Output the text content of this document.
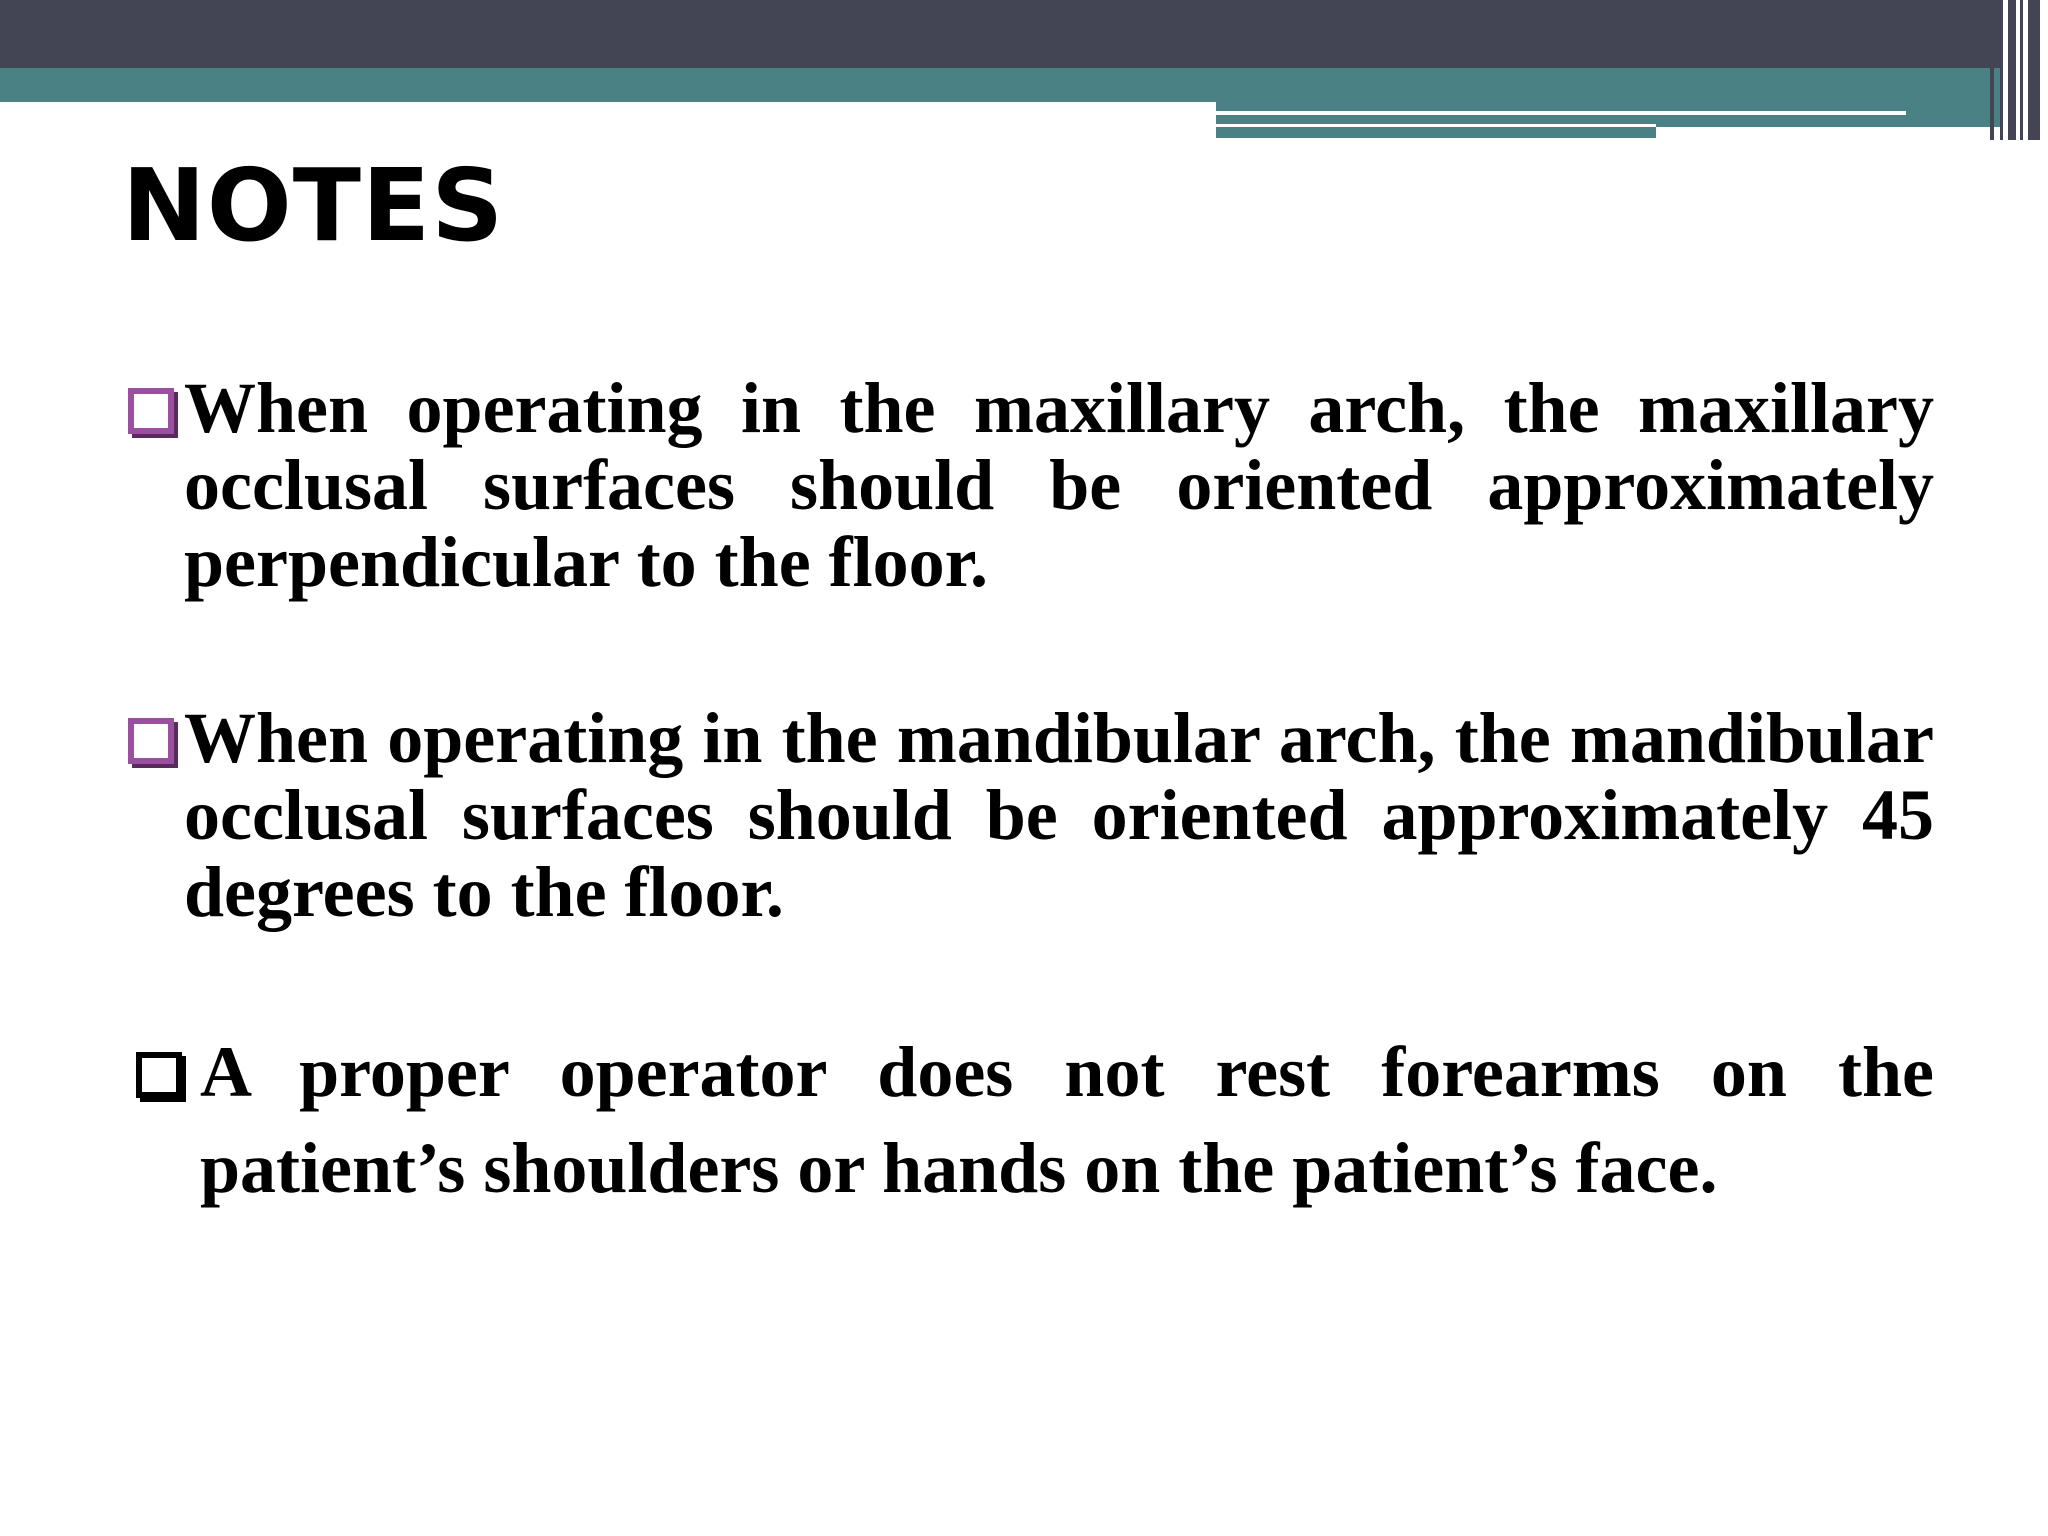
NOTES
When operating in the maxillary arch, the maxillary occlusal surfaces should be oriented approximately perpendicular to the floor.
When operating in the mandibular arch, the mandibular occlusal surfaces should be oriented approximately 45 degrees to the floor.
A proper operator does not rest forearms on the patient’s shoulders or hands on the patient’s face.
